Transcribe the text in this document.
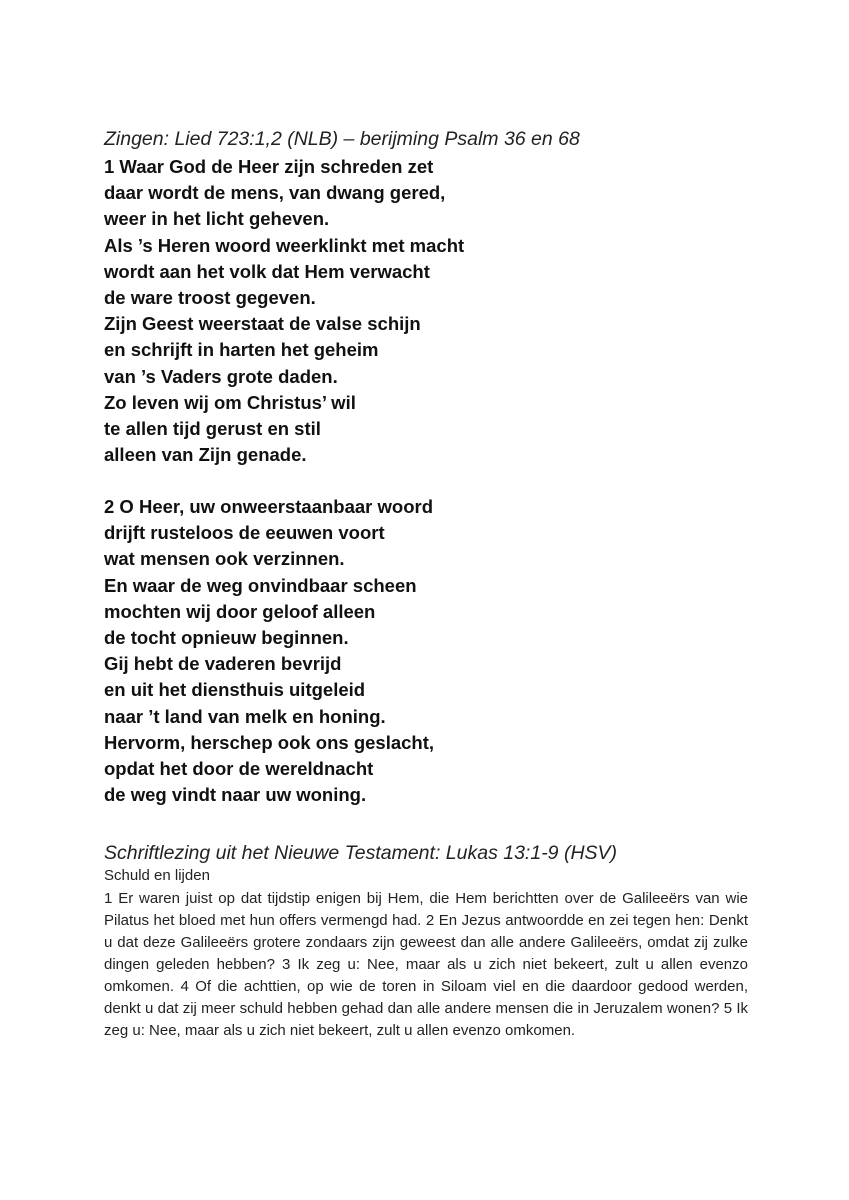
Zingen: Lied 723:1,2 (NLB) – berijming Psalm 36 en 68
1 Waar God de Heer zijn schreden zet
daar wordt de mens, van dwang gered,
weer in het licht geheven.
Als ’s Heren woord weerklinkt met macht
wordt aan het volk dat Hem verwacht
de ware troost gegeven.
Zijn Geest weerstaat de valse schijn
en schrijft in harten het geheim
van ’s Vaders grote daden.
Zo leven wij om Christus’ wil
te allen tijd gerust en stil
alleen van Zijn genade.
2 O Heer, uw onweerstaanbaar woord
drijft rusteloos de eeuwen voort
wat mensen ook verzinnen.
En waar de weg onvindbaar scheen
mochten wij door geloof alleen
de tocht opnieuw beginnen.
Gij hebt de vaderen bevrijd
en uit het diensthuis uitgeleid
naar ’t land van melk en honing.
Hervorm, herschep ook ons geslacht,
opdat het door de wereldnacht
de weg vindt naar uw woning.
Schriftlezing uit het Nieuwe Testament: Lukas 13:1-9 (HSV)
Schuld en lijden

1 Er waren juist op dat tijdstip enigen bij Hem, die Hem berichtten over de Galileeërs van wie Pilatus het bloed met hun offers vermengd had. 2 En Jezus antwoordde en zei tegen hen: Denkt u dat deze Galileeërs grotere zondaars zijn geweest dan alle andere Galileeërs, omdat zij zulke dingen geleden hebben? 3 Ik zeg u: Nee, maar als u zich niet bekeert, zult u allen evenzo omkomen. 4 Of die achttien, op wie de toren in Siloam viel en die daardoor gedood werden, denkt u dat zij meer schuld hebben gehad dan alle andere mensen die in Jeruzalem wonen? 5 Ik zeg u: Nee, maar als u zich niet bekeert, zult u allen evenzo omkomen.
